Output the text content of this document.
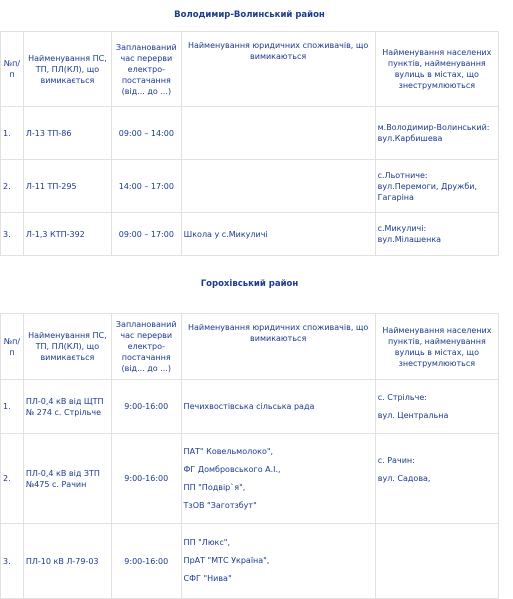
Володимир-Волинський район				
№п/п	Найменування ПС, ТП, ПЛ(КЛ), що вимикається	Запланований час перерви електро-постачання (від... до ...)	Найменування юридичних споживачів, що вимикаються	Найменування населених пунктів, найменування вулиць в містах, що знеструмлюються
1.	Л-13 ТП-86	09:00 – 14:00		м.Володимир-Волинський:
вул.Карбишева
2.	Л-11 ТП-295	14:00 – 17:00		с.Льотниче:
вул.Перемоги, Дружби, Гагаріна
3.	Л-1,3 КТП-392	09:00 – 17:00	Школа у с.Микуличі	с.Микуличі:
вул.Мілашенка
Горохівський район				
№п/п	Найменування ПС, ТП, ПЛ(КЛ), що вимикається	Запланований час перерви електро-постачання (від... до ...)	Найменування юридичних споживачів, що вимикаються	Найменування населених пунктів, найменування вулиць в містах, що знеструмлюються
1.	ПЛ-0,4 кВ від ЩТП № 274 с. Стрільче	9:00-16:00	Печихвостівська сільська рада	с. Стрільче:
вул. Центральна

2.	ПЛ-0,4 кВ від ЗТП №475 с. Рачин	9:00-16:00	ПАТ" Ковельмолоко",
ФГ Домбровського А.І.,
ПП "Подвір`я",
ТзОВ "Заготзбут"	с. Рачин:
вул. Садова,

3.	ПЛ-10 кВ Л-79-03	9:00-16:00	ПП "Люкс",
ПрАТ "МТС Україна",
СФГ "Нива"	
